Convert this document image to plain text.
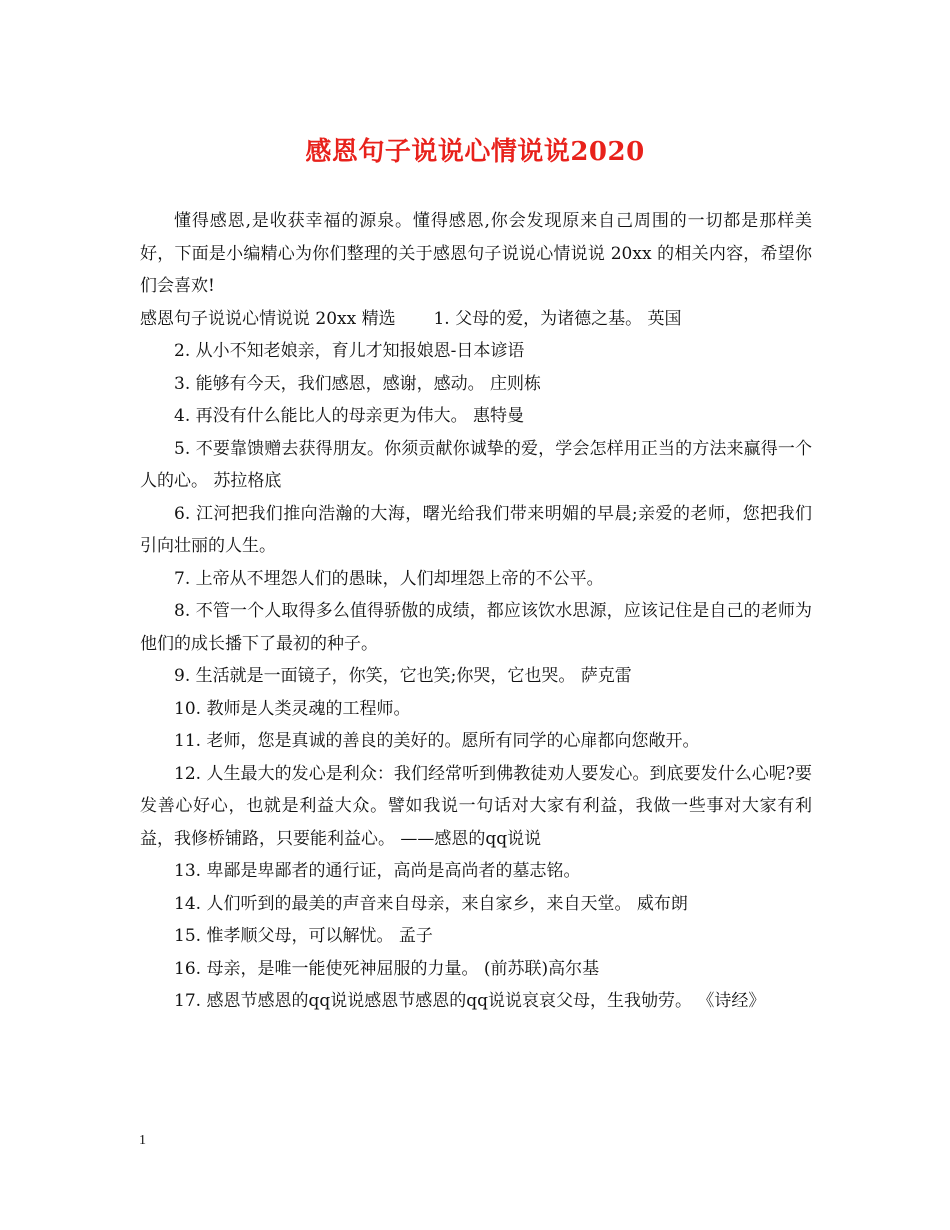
感恩句子说说心情说说2020

懂得感恩,是收获幸福的源泉。懂得感恩,你会发现原来自己周围的一切都是那样美好，下面是小编精心为你们整理的关于感恩句子说说心情说说 20xx 的相关内容，希望你们会喜欢!

感恩句子说说心情说说 20xx 精选 1. 父母的爱，为诸德之基。 英国

2. 从小不知老娘亲，育儿才知报娘恩-日本谚语

3. 能够有今天，我们感恩，感谢，感动。 庄则栋

4. 再没有什么能比人的母亲更为伟大。 惠特曼

5. 不要靠馈赠去获得朋友。你须贡献你诚挚的爱，学会怎样用正当的方法来赢得一个人的心。 苏拉格底

6. 江河把我们推向浩瀚的大海，曙光给我们带来明媚的早晨;亲爱的老师，您把我们引向壮丽的人生。

7. 上帝从不埋怨人们的愚昧，人们却埋怨上帝的不公平。

8. 不管一个人取得多么值得骄傲的成绩，都应该饮水思源，应该记住是自己的老师为他们的成长播下了最初的种子。

9. 生活就是一面镜子，你笑，它也笑;你哭，它也哭。 萨克雷

10. 教师是人类灵魂的工程师。

11. 老师，您是真诚的善良的美好的。愿所有同学的心扉都向您敞开。

12. 人生最大的发心是利众：我们经常听到佛教徒劝人要发心。到底要发什么心呢?要发善心好心，也就是利益大众。譬如我说一句话对大家有利益，我做一些事对大家有利益，我修桥铺路，只要能利益心。 ——感恩的qq说说

13. 卑鄙是卑鄙者的通行证，高尚是高尚者的墓志铭。

14. 人们听到的最美的声音来自母亲，来自家乡，来自天堂。 威布朗

15. 惟孝顺父母，可以解忧。 孟子

16. 母亲，是唯一能使死神屈服的力量。 (前苏联)高尔基

17. 感恩节感恩的qq说说感恩节感恩的qq说说哀哀父母，生我劬劳。 《诗经》

1
